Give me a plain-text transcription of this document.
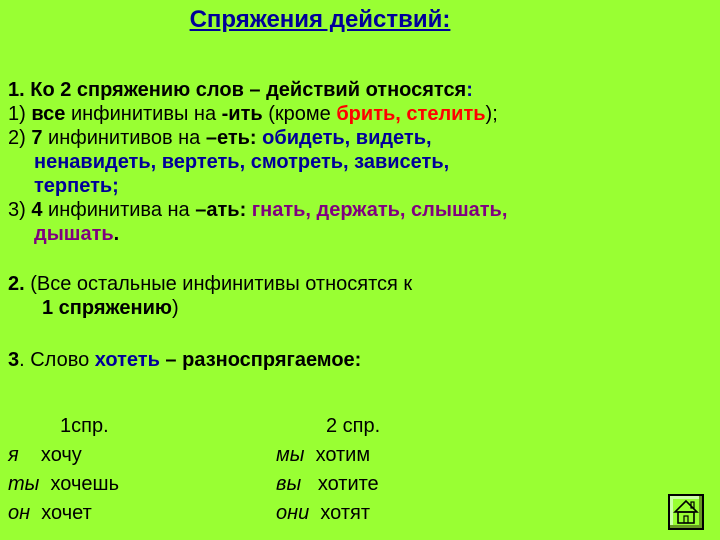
Спряжения действий:
1. Ко 2 спряжению слов – действий относятся:
1) все инфинитивы на -ить (кроме брить, стелить);
2) 7 инфинитивов на –еть: обидеть, видеть,
ненавидеть, вертеть, смотреть, зависеть,
терпеть;
3) 4 инфинитива на –ать: гнать, держать, слышать,
дышать.
2. (Все остальные инфинитивы относятся к
1 спряжению)
3. Слово хотеть – разноспрягаемое:
1спр.	2 спр.
я хочу	мы хотим
ты хочешь	вы хотите
он хочет	они хотят
